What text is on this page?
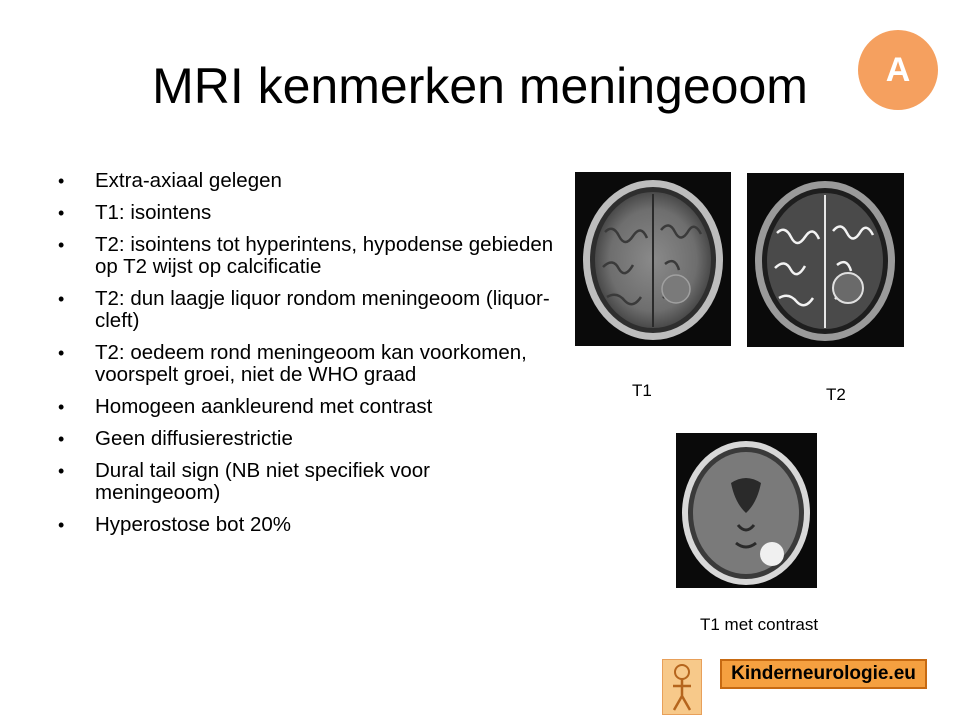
MRI kenmerken meningeoom	A
• Extra-axiaal gelegen
• T1: isointens
• T2: isointens tot hyperintens, hypodense gebieden op T2 wijst op calcificatie
• T2: dun laagje liquor rondom meningeoom (liquor-cleft)
• T2: oedeem rond meningeoom kan voorkomen, voorspelt groei, niet de WHO graad
• Homogeen aankleurend met contrast
• Geen diffusierestrictie
• Dural tail sign (NB niet specifiek voor meningeoom)
• Hyperostose bot 20%
T1	T2
T1 met contrast
Kinderneurologie.eu
